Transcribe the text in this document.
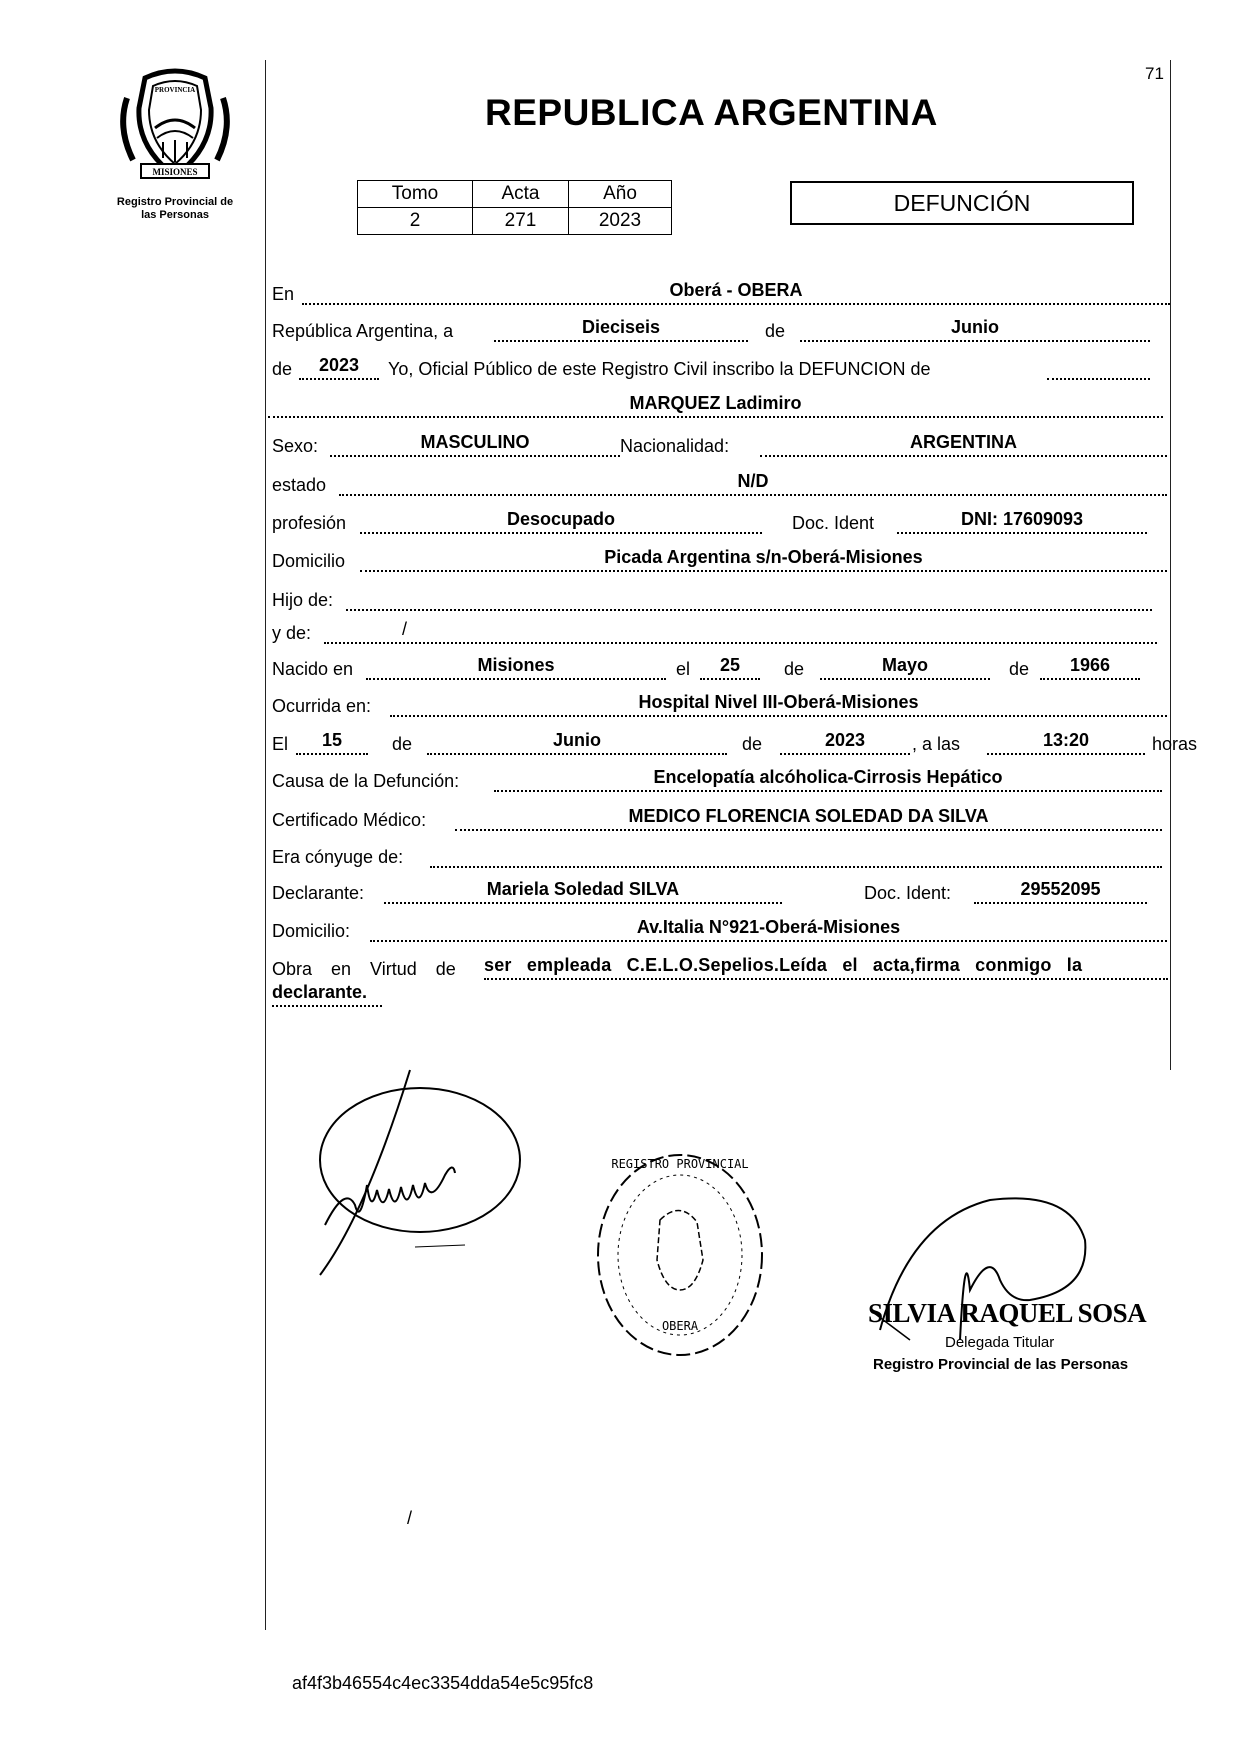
71
MISIONES
PROVINCIA
Registro Provincial de
las Personas
REPUBLICA ARGENTINA
Tomo	Acta	Año
2	271	2023
DEFUNCIÓN
En	Oberá - OBERA
República Argentina, a	Dieciseis	de	Junio
de	2023	Yo, Oficial Público de este Registro Civil inscribo la DEFUNCION de
MARQUEZ Ladimiro
Sexo:	MASCULINO	Nacionalidad:	ARGENTINA
estado	N/D
profesión	Desocupado	Doc. Ident	DNI: 17609093
Domicilio	Picada Argentina s/n-Oberá-Misiones
Hijo de:
y de:	/
Nacido en	Misiones	el	25	de	Mayo	de	1966
Ocurrida en:	Hospital Nivel III-Oberá-Misiones
El	15	de	Junio	de	2023	, a las	13:20	horas
Causa de la Defunción:	Encelopatía alcóholica-Cirrosis Hepático
Certificado Médico:	MEDICO FLORENCIA SOLEDAD DA SILVA
Era cónyuge de:
Declarante:	Mariela Soledad SILVA	Doc. Ident:	29552095
Domicilio:	Av.Italia N°921-Oberá-Misiones
Obra en Virtud de ser empleada C.E.L.O.Sepelios.Leída el acta,firma conmigo la
declarante.
REGISTRO PROVINCIAL
OBERA	SILVIA RAQUEL SOSA
Delegada Titular
Registro Provincial de las Personas
/
af4f3b46554c4ec3354dda54e5c95fc8
